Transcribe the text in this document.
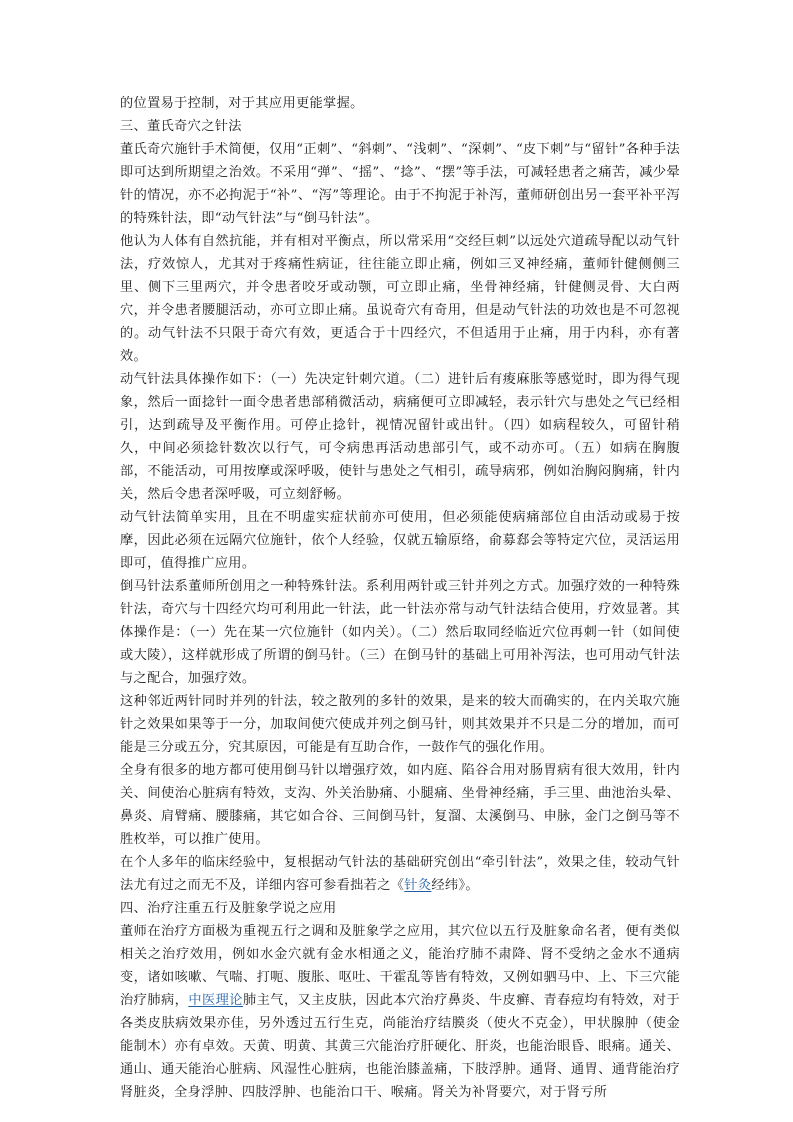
的位置易于控制，对于其应用更能掌握。

三、董氏奇穴之针法

董氏奇穴施针手术简便，仅用“正刺”、“斜刺”、“浅刺”、“深刺”、“皮下刺”与“留针”各种手法即可达到所期望之治效。不采用“弹”、“摇”、“捻”、“摆”等手法，可减轻患者之痛苦，减少晕针的情况，亦不必拘泥于“补”、“泻”等理论。由于不拘泥于补泻，董师研创出另一套平补平泻的特殊针法，即“动气针法”与“倒马针法”。

他认为人体有自然抗能，并有相对平衡点，所以常采用“交经巨刺”以远处穴道疏导配以动气针法，疗效惊人，尤其对于疼痛性病证，往往能立即止痛，例如三叉神经痛，董师针健侧侧三里、侧下三里两穴，并令患者咬牙或动颚，可立即止痛，坐骨神经痛，针健侧灵骨、大白两穴，并令患者腰腿活动，亦可立即止痛。虽说奇穴有奇用，但是动气针法的功效也是不可忽视的。动气针法不只限于奇穴有效，更适合于十四经穴，不但适用于止痛，用于内科，亦有著效。

动气针法具体操作如下：（一）先决定针刺穴道。（二）进针后有痠麻胀等感觉时，即为得气现象，然后一面捻针一面令患者患部稍微活动，病痛便可立即减轻，表示针穴与患处之气已经相引，达到疏导及平衡作用。可停止捻针，视情况留针或出针。（四）如病程较久，可留针稍久，中间必须捻针数次以行气，可令病患再活动患部引气，或不动亦可。（五）如病在胸腹部，不能活动，可用按摩或深呼吸，使针与患处之气相引，疏导病邪，例如治胸闷胸痛，针内关，然后令患者深呼吸，可立刻舒畅。

动气针法简单实用，且在不明虚实症状前亦可使用，但必须能使病痛部位自由活动或易于按摩，因此必须在远隔穴位施针，依个人经验，仅就五输原络，俞募郄会等特定穴位，灵活运用即可，值得推广应用。

倒马针法系董师所创用之一种特殊针法。系利用两针或三针并列之方式。加强疗效的一种特殊针法，奇穴与十四经穴均可利用此一针法，此一针法亦常与动气针法结合使用，疗效显著。其体操作是：（一）先在某一穴位施针（如内关）。（二）然后取同经临近穴位再刺一针（如间使或大陵），这样就形成了所谓的倒马针。（三）在倒马针的基础上可用补泻法，也可用动气针法与之配合，加强疗效。

这种邻近两针同时并列的针法，较之散列的多针的效果，是来的较大而确实的，在内关取穴施针之效果如果等于一分，加取间使穴使成并列之倒马针，则其效果并不只是二分的增加，而可能是三分或五分，究其原因，可能是有互助合作，一鼓作气的强化作用。

全身有很多的地方都可使用倒马针以增强疗效，如内庭、陷谷合用对肠胃病有很大效用，针内关、间使治心脏病有特效，支沟、外关治胁痛、小腿痛、坐骨神经痛，手三里、曲池治头晕、鼻炎、肩臂痛、腰膝痛，其它如合谷、三间倒马针，复溜、太溪倒马、申脉，金门之倒马等不胜枚举，可以推广使用。

在个人多年的临床经验中，复根据动气针法的基础研究创出“牵引针法”，效果之佳，较动气针法尤有过之而无不及，详细内容可参看拙若之《针灸经纬》。

四、治疗注重五行及脏象学说之应用

董师在治疗方面极为重视五行之调和及脏象学之应用，其穴位以五行及脏象命名者，便有类似相关之治疗效用，例如水金穴就有金水相通之义，能治疗肺不肃降、肾不受纳之金水不通病变，诸如咳嗽、气喘、打呃、腹胀、呕吐、干霍乱等皆有特效，又例如驷马中、上、下三穴能治疗肺病，中医理论肺主气，又主皮肤，因此本穴治疗鼻炎、牛皮癣、青春痘均有特效，对于各类皮肤病效果亦佳，另外透过五行生克，尚能治疗结膜炎（使火不克金），甲状腺肿（使金能制木）亦有卓效。天黄、明黄、其黄三穴能治疗肝硬化、肝炎，也能治眼昏、眼痛。通关、通山、通天能治心脏病、风湿性心脏病，也能治膝盖痛，下肢浮肿。通肾、通胃、通背能治疗肾脏炎，全身浮肿、四肢浮肿、也能治口干、喉痛。肾关为补肾要穴，对于肾亏所
